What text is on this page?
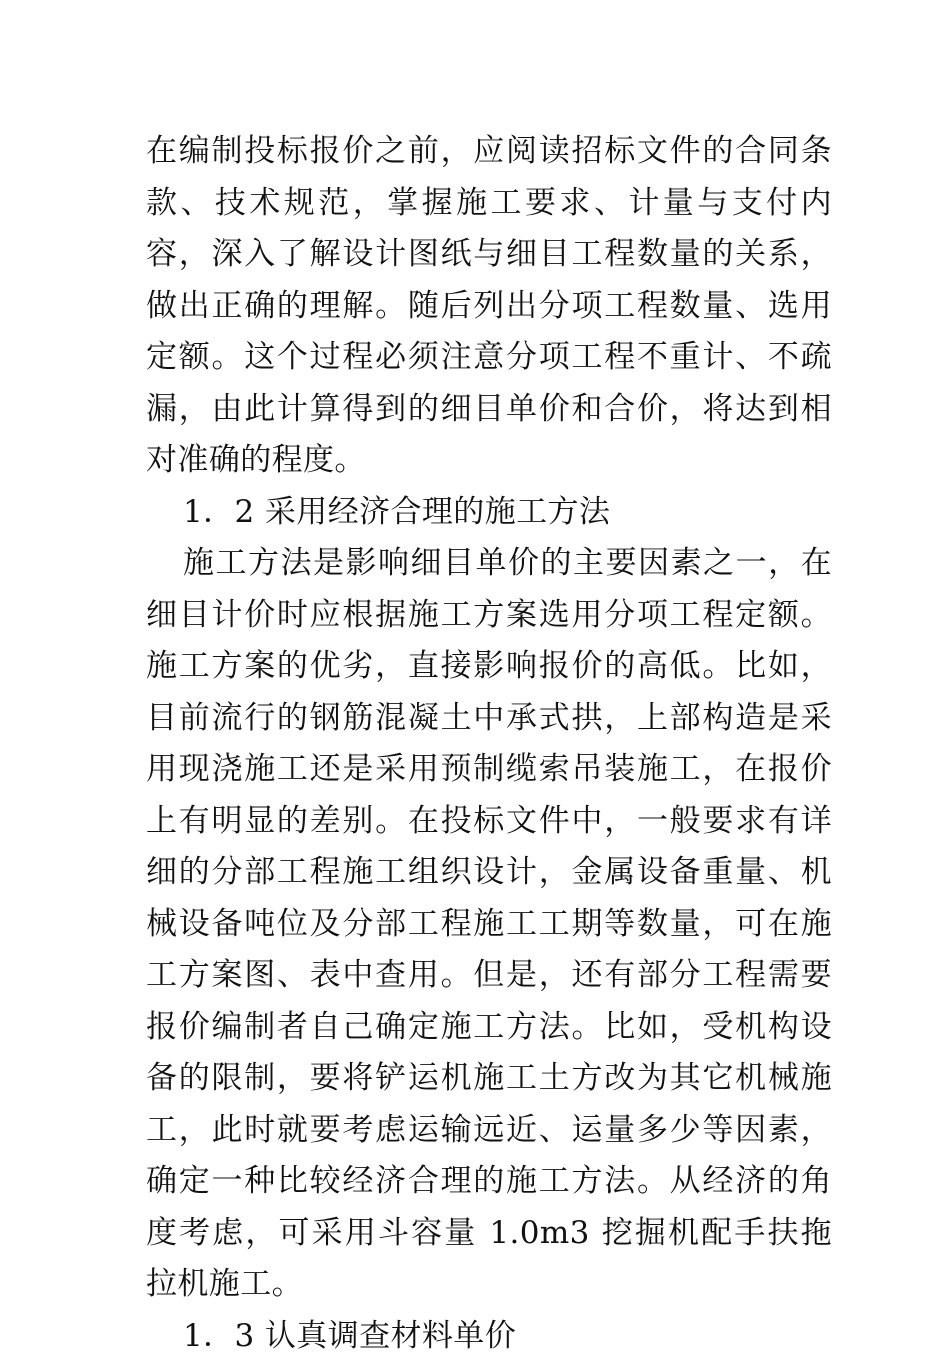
在编制投标报价之前，应阅读招标文件的合同条款、技术规范，掌握施工要求、计量与支付内容，深入了解设计图纸与细目工程数量的关系，做出正确的理解。随后列出分项工程数量、选用定额。这个过程必须注意分项工程不重计、不疏漏，由此计算得到的细目单价和合价，将达到相对准确的程度。

1．2 采用经济合理的施工方法

施工方法是影响细目单价的主要因素之一，在细目计价时应根据施工方案选用分项工程定额。施工方案的优劣，直接影响报价的高低。比如，目前流行的钢筋混凝土中承式拱，上部构造是采用现浇施工还是采用预制缆索吊装施工，在报价上有明显的差别。在投标文件中，一般要求有详细的分部工程施工组织设计，金属设备重量、机械设备吨位及分部工程施工工期等数量，可在施工方案图、表中查用。但是，还有部分工程需要报价编制者自己确定施工方法。比如，受机构设备的限制，要将铲运机施工土方改为其它机械施工，此时就要考虑运输远近、运量多少等因素，确定一种比较经济合理的施工方法。从经济的角度考虑，可采用斗容量 1.0m3 挖掘机配手扶拖拉机施工。

1．3 认真调查材料单价
